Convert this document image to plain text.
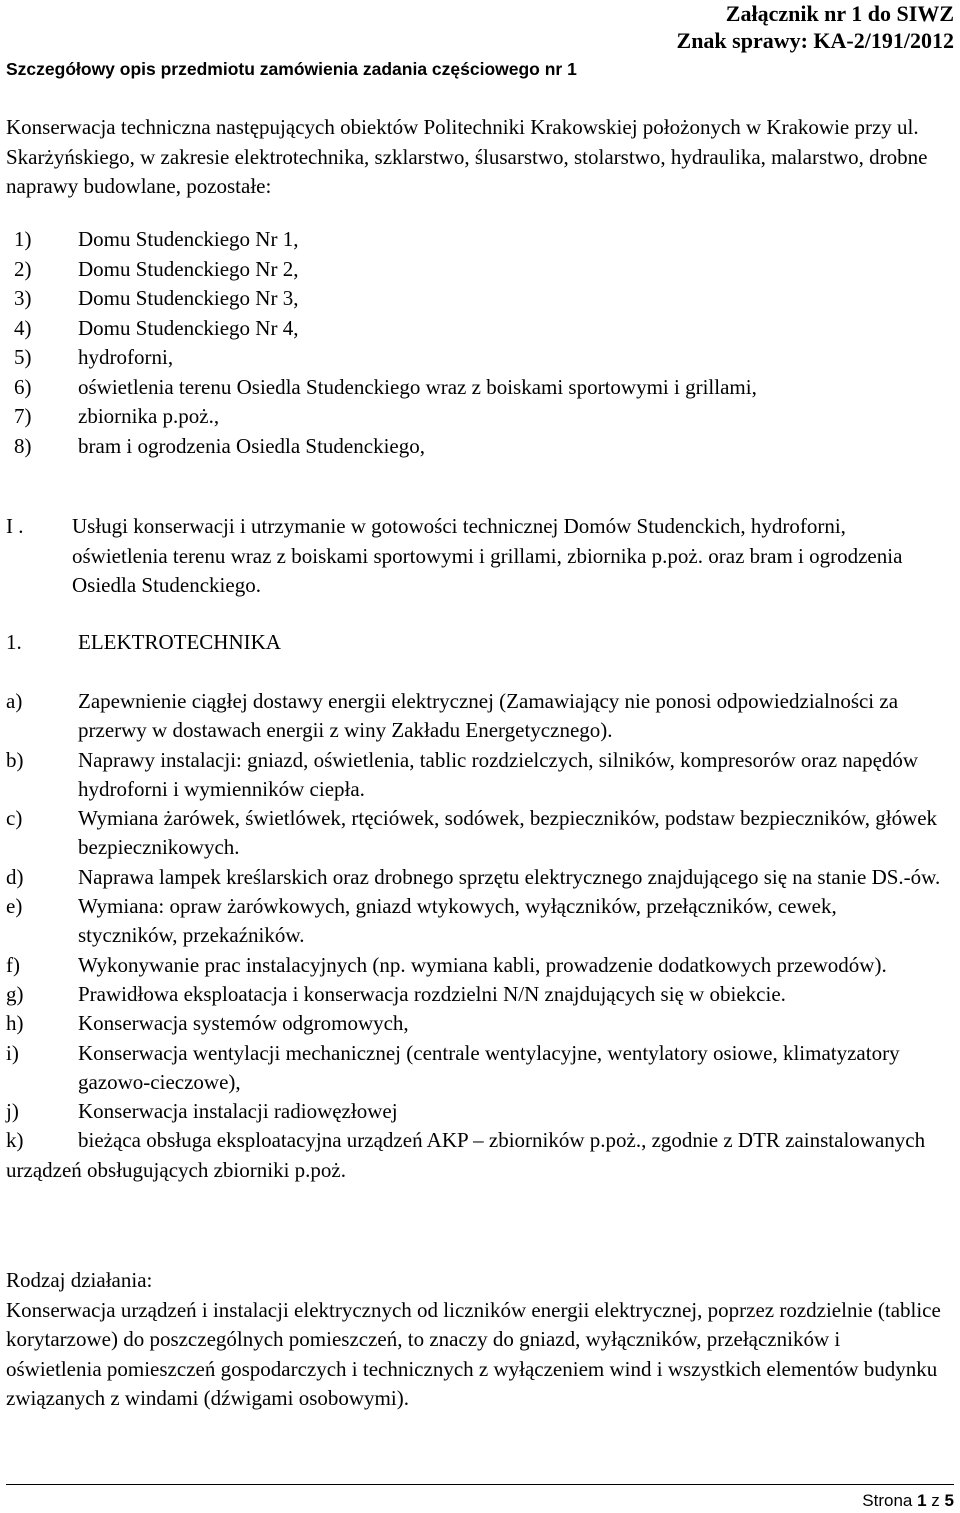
Załącznik nr 1 do SIWZ
Znak sprawy: KA-2/191/2012
Szczegółowy opis przedmiotu zamówienia zadania częściowego nr 1

Konserwacja techniczna następujących obiektów Politechniki Krakowskiej położonych w Krakowie przy ul. Skarżyńskiego, w zakresie elektrotechnika, szklarstwo, ślusarstwo, stolarstwo, hydraulika, malarstwo, drobne naprawy budowlane, pozostałe:

1)	Domu Studenckiego Nr 1,
2)	Domu Studenckiego Nr 2,
3)	Domu Studenckiego Nr 3,
4)	Domu Studenckiego Nr 4,
5)	hydroforni,
6)	oświetlenia terenu Osiedla Studenckiego wraz z boiskami sportowymi i grillami,
7)	zbiornika p.poż.,
8)	bram i ogrodzenia Osiedla Studenckiego,
I .	Usługi konserwacji i utrzymanie w gotowości technicznej Domów Studenckich, hydroforni, oświetlenia terenu wraz z boiskami sportowymi i grillami, zbiornika p.poż. oraz bram i ogrodzenia Osiedla Studenckiego.
1.	ELEKTROTECHNIKA
a)	Zapewnienie ciągłej dostawy energii elektrycznej (Zamawiający nie ponosi odpowiedzialności za przerwy w dostawach energii z winy Zakładu Energetycznego).
b)	Naprawy instalacji: gniazd, oświetlenia, tablic rozdzielczych, silników, kompresorów oraz napędów hydroforni i wymienników ciepła.
c)	Wymiana żarówek, świetlówek, rtęciówek, sodówek, bezpieczników, podstaw bezpieczników, główek bezpiecznikowych.
d)	Naprawa lampek kreślarskich oraz drobnego sprzętu elektrycznego znajdującego się na stanie DS.-ów.
e)	Wymiana: opraw żarówkowych, gniazd wtykowych, wyłączników, przełączników, cewek, styczników, przekaźników.
f)	Wykonywanie prac instalacyjnych (np. wymiana kabli, prowadzenie dodatkowych przewodów).
g)	Prawidłowa eksploatacja i konserwacja rozdzielni N/N znajdujących się w obiekcie.
h)	Konserwacja systemów odgromowych,
i)	Konserwacja wentylacji mechanicznej (centrale wentylacyjne, wentylatory osiowe, klimatyzatory gazowo-cieczowe),
j)	Konserwacja instalacji radiowęzłowej
k)	bieżąca obsługa eksploatacyjna urządzeń AKP – zbiorników p.poż., zgodnie z DTR zainstalowanych urządzeń obsługujących zbiorniki p.poż.

Rodzaj działania:

Konserwacja urządzeń i instalacji elektrycznych od liczników energii elektrycznej, poprzez rozdzielnie (tablice korytarzowe) do poszczególnych pomieszczeń, to znaczy do gniazd, wyłączników, przełączników i oświetlenia pomieszczeń gospodarczych i technicznych z wyłączeniem wind i wszystkich elementów budynku związanych z windami (dźwigami osobowymi).

Strona 1 z 5
